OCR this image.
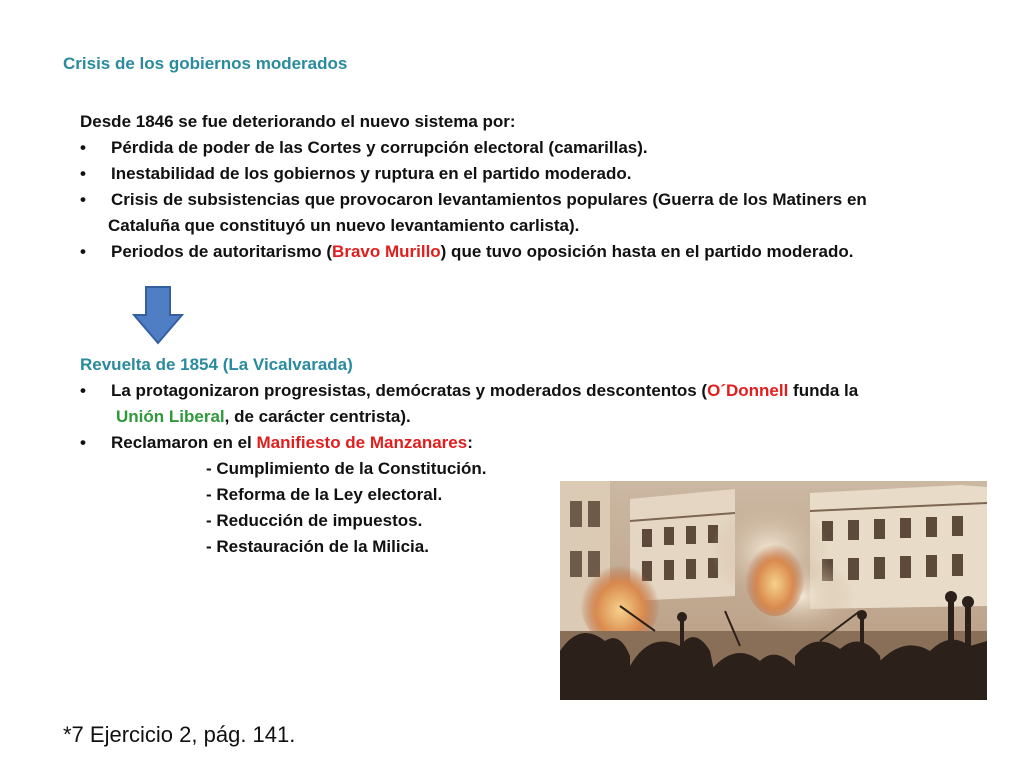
Crisis de los gobiernos moderados
Desde 1846 se fue deteriorando el nuevo sistema por:
• Pérdida de poder de las Cortes y corrupción electoral (camarillas).
• Inestabilidad de los gobiernos y ruptura en el partido moderado.
• Crisis de subsistencias que provocaron levantamientos populares (Guerra de los Matiners en
Cataluña que constituyó un nuevo levantamiento carlista).
• Periodos de autoritarismo (Bravo Murillo) que tuvo oposición hasta en el partido moderado.
Revuelta de 1854 (La Vicalvarada)
• La protagonizaron progresistas, demócratas y moderados descontentos (O´Donnell funda la
Unión Liberal, de carácter centrista).
• Reclamaron en el Manifiesto de Manzanares:
- Cumplimiento de la Constitución.
- Reforma de la Ley electoral.
- Reducción de impuestos.
- Restauración de la Milicia.
*7 Ejercicio 2, pág. 141.
